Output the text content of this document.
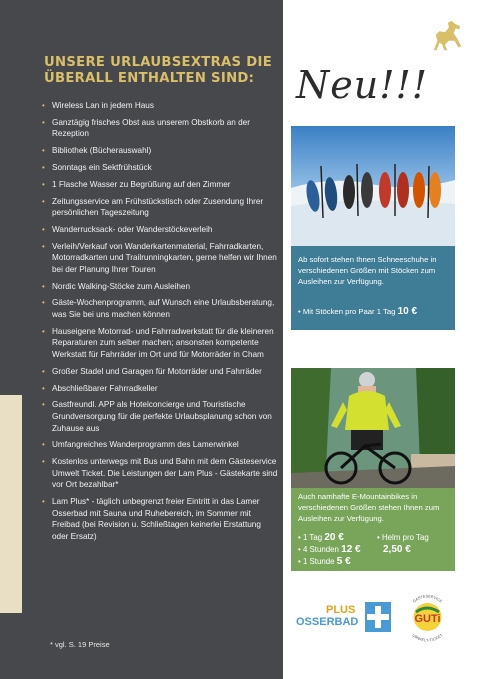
UNSERE URLAUBSEXTRAS DIE
ÜBERALL ENTHALTEN SIND:
• Wireless Lan in jedem Haus
• Ganztägig frisches Obst aus unserem Obstkorb an der Rezeption
• Bibliothek (Bücherauswahl)
• Sonntags ein Sektfrühstück
• 1 Flasche Wasser zu Begrüßung auf den Zimmer
• Zeitungsservice am Frühstückstisch oder Zusendung Ihrer persönlichen Tageszeitung
• Wanderrucksack- oder Wanderstöckeverleih
• Verleih/Verkauf von Wanderkartenmaterial, Fahrradkarten, Motorradkarten und Trailrunningkarten, gerne helfen wir Ihnen bei der Planung Ihrer Touren
• Nordic Walking-Stöcke zum Ausleihen
• Gäste-Wochenprogramm, auf Wunsch eine Urlaubsberatung, was Sie bei uns machen können
• Hauseigene Motorrad- und Fahrradwerkstatt für die kleineren Reparaturen zum selber machen; ansonsten kompetente Werkstatt für Fahrräder im Ort und für Motorräder in Cham
• Großer Stadel und Garagen für Motorräder und Fahrräder
• Abschließbarer Fahrradkeller
• Gastfreundl. APP als Hotelconcierge und Touristische Grundversorgung für die perfekte Urlaubsplanung schon von Zuhause aus
• Umfangreiches Wanderprogramm des Lamerwinkel
• Kostenlos unterwegs mit Bus und Bahn mit dem Gästeservice Umwelt Ticket. Die Leistungen der Lam Plus - Gästekarte sind vor Ort bezahlbar*
• Lam Plus* - täglich unbegrenzt freier Eintritt in das Lamer Osserbad mit Sauna und Ruhebereich, im Sommer mit Freibad (bei Revision u. Schließtagen keinerlei Erstattung oder Ersatz)
* vgl. S. 19 Preise
Neu!!!
Ab sofort stehen Ihnen Schneeschuhe in verschiedenen Größen mit Stöcken zum Ausleihen zur Verfügung.
• Mit Stöcken pro Paar 1 Tag 10 €
Auch namhafte E-Mountainbikes in verschiedenen Größen stehen Ihnen zum Ausleihen zur Verfügung.
• 1 Tag 20 €
• 4 Stunden 12 €
• 1 Stunde 5 €
• Helm pro Tag
2,50 €
PLUS
OSSERBAD	GUTi
GÄSTESERVICE
UMWELT-TICKET
